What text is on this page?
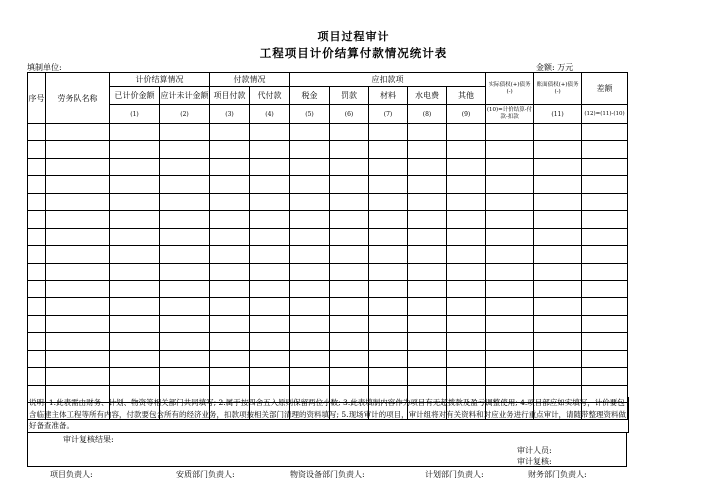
项目过程审计
工程项目计价结算付款情况统计表
填制单位:	金额: 万元
序号	劳务队名称	计价结算情况		付款情况		应扣款项					实际债权(+)债务(-)	账面债权(+)债务(-)	差额
		已计价金额	应计未计金额	项目付款	代付款	税金	罚款	材料	水电费	其他			
		(1)	(2)	(3)	(4)	(5)	(6)	(7)	(8)	(9)	(10)=计价结算-付款-扣款	(11)	(12)=(11)-(10)

说明: 1.此表需由财务、计划、物资等相关部门共同填写; 2.属于按四舍五入原则保留两位小数; 3.此表填制内容作为项目有无超拨款及盈亏调整使用; 4.项目部应如实填写，计价要包含临建主体工程等所有内容，付款要包含所有的经济业务，扣款项按相关部门清理的资料填写; 5.现场审计的项目，审计组将对有关资料和对应业务进行重点审计，请随带整理资料做好备查准备。
审计复核结果:
审计人员:
审计复核:
项目负责人:	安质部门负责人:	物资设备部门负责人:	计划部门负责人:	财务部门负责人:
